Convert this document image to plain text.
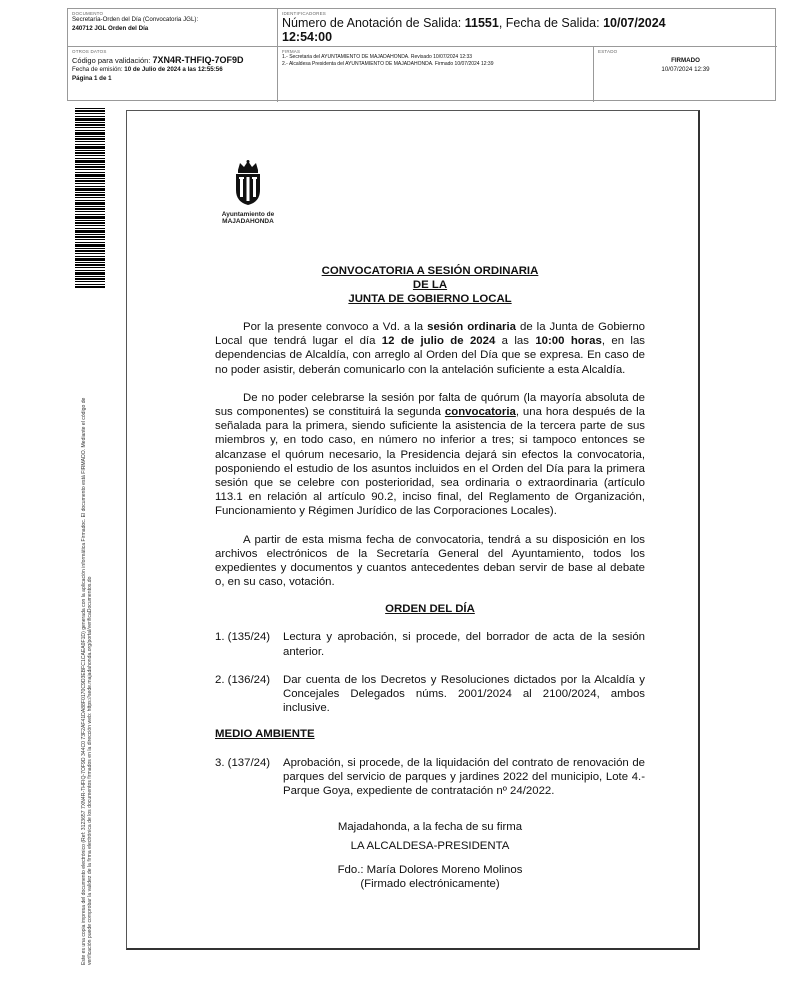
DOCUMENTO
Secretaría-Orden del Día (Convocatoria JGL):
240712 JGL Orden del Día
IDENTIFICADORES
Número de Anotación de Salida: 11551, Fecha de Salida: 10/07/2024
12:54:00
OTROS DATOS
Código para validación: 7XN4R-THFIQ-7OF9D
Fecha de emisión: 10 de Julio de 2024 a las 12:55:56
Página 1 de 1
FIRMAS
1.- Secretaria del AYUNTAMIENTO DE MAJADAHONDA. Revisado 10/07/2024 12:33
2.- Alcaldesa Presidenta del AYUNTAMIENTO DE MAJADAHONDA. Firmado 10/07/2024 12:39
ESTADO
FIRMADO
10/07/2024 12:39
Este es una copia impresa del documento electrónico (Ref: 3123657 7XN4R-THFIQ-7OF9D 344C0 73F2AF41DA88F0170C9D3EBFC1CAEA0F1D) generada con la aplicación informática Firmadoc. El documento está FIRMADO. Mediante el código de verificación puede comprobar la validez de la firma electrónica de los documentos firmados en la dirección web: https://sede.majadahonda.org/portal/verificaDocumentos.do
Ayuntamiento de
MAJADAHONDA
CONVOCATORIA A SESIÓN ORDINARIA
DE LA
JUNTA DE GOBIERNO LOCAL

Por la presente convoco a Vd. a la sesión ordinaria de la Junta de Gobierno Local que tendrá lugar el día 12 de julio de 2024 a las 10:00 horas, en las dependencias de Alcaldía, con arreglo al Orden del Día que se expresa. En caso de no poder asistir, deberán comunicarlo con la antelación suficiente a esta Alcaldía.

De no poder celebrarse la sesión por falta de quórum (la mayoría absoluta de sus componentes) se constituirá la segunda convocatoria, una hora después de la señalada para la primera, siendo suficiente la asistencia de la tercera parte de sus miembros y, en todo caso, en número no inferior a tres; si tampoco entonces se alcanzase el quórum necesario, la Presidencia dejará sin efectos la convocatoria, posponiendo el estudio de los asuntos incluidos en el Orden del Día para la primera sesión que se celebre con posterioridad, sea ordinaria o extraordinaria (artículo 113.1 en relación al artículo 90.2, inciso final, del Reglamento de Organización, Funcionamiento y Régimen Jurídico de las Corporaciones Locales).

A partir de esta misma fecha de convocatoria, tendrá a su disposición en los archivos electrónicos de la Secretaría General del Ayuntamiento, todos los expedientes y documentos y cuantos antecedentes deban servir de base al debate o, en su caso, votación.

ORDEN DEL DÍA
1. (135/24)	Lectura y aprobación, si procede, del borrador de acta de la sesión anterior.
2. (136/24)	Dar cuenta de los Decretos y Resoluciones dictados por la Alcaldía y Concejales Delegados núms. 2001/2024 al 2100/2024, ambos inclusive.
MEDIO AMBIENTE
3. (137/24)	Aprobación, si procede, de la liquidación del contrato de renovación de parques del servicio de parques y jardines 2022 del municipio, Lote 4.- Parque Goya, expediente de contratación nº 24/2022.
Majadahonda, a la fecha de su firma
LA ALCALDESA-PRESIDENTA
Fdo.: María Dolores Moreno Molinos
(Firmado electrónicamente)
